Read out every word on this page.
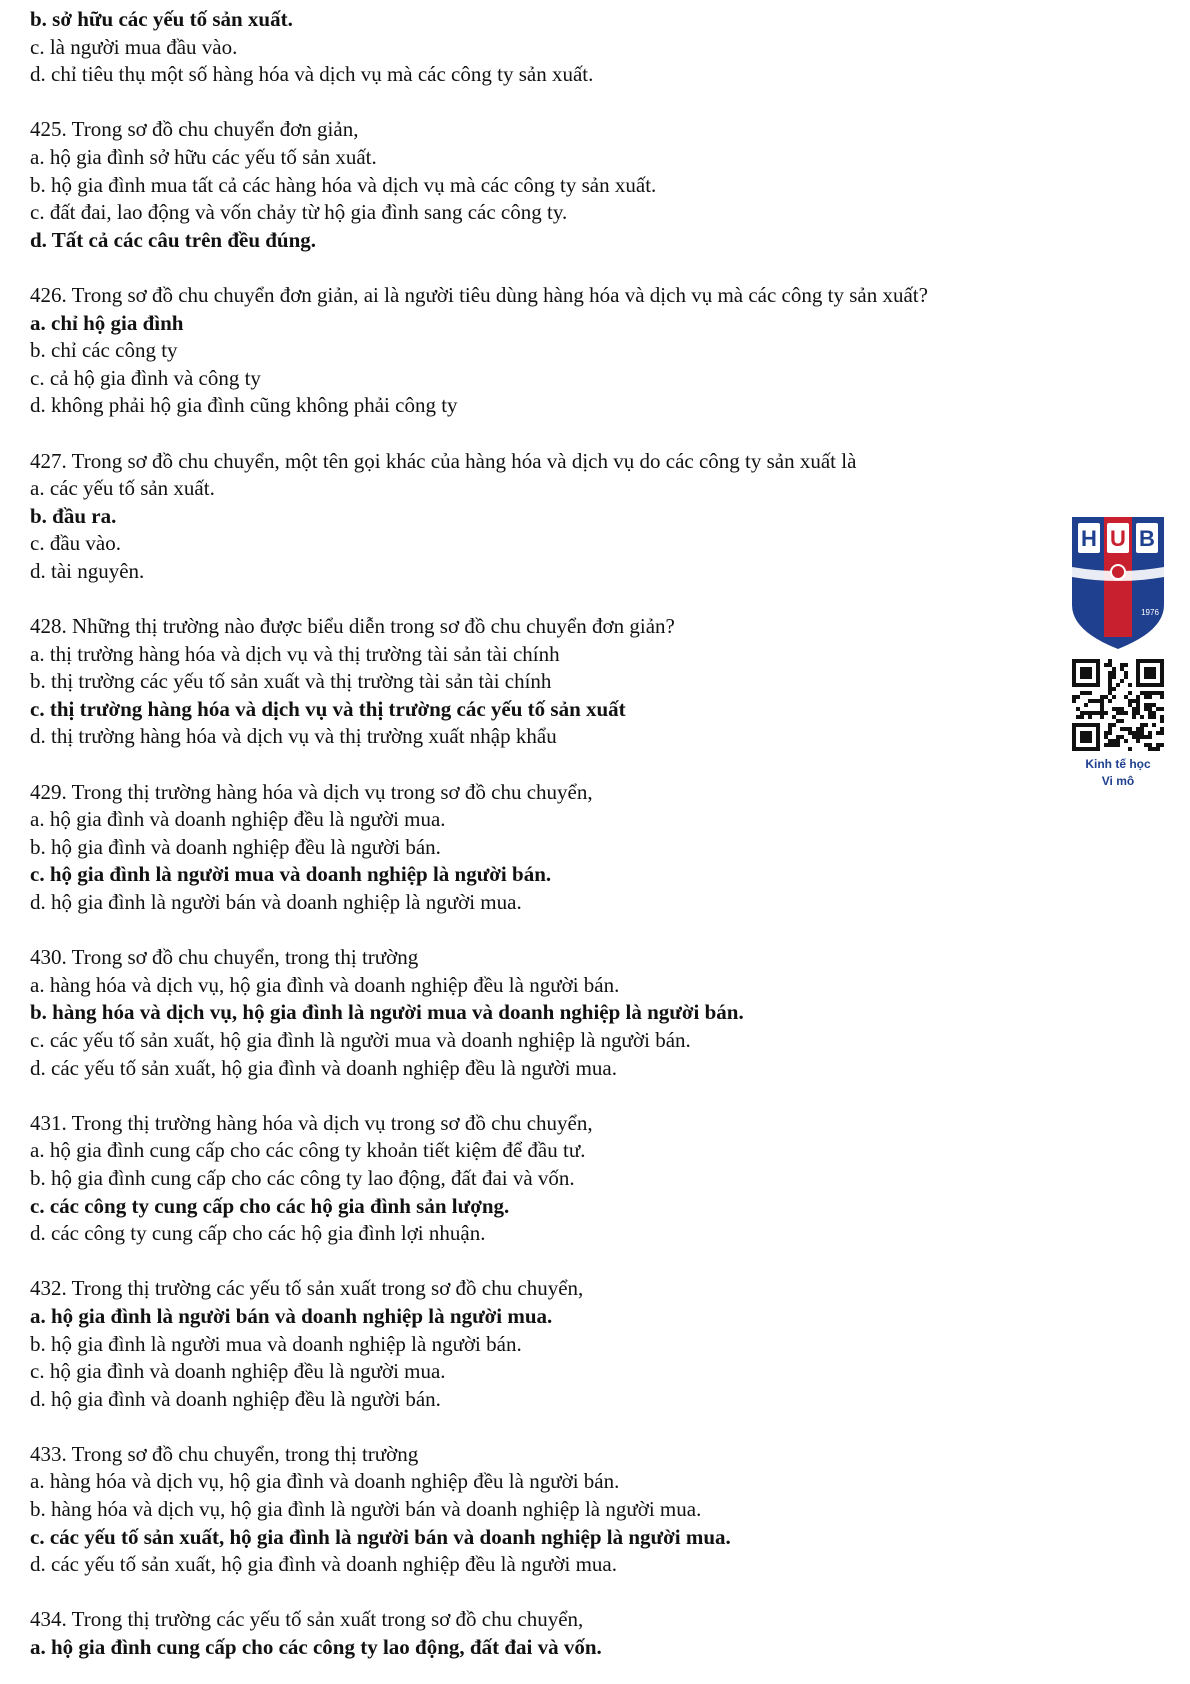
b. sở hữu các yếu tố sản xuất.
c. là người mua đầu vào.
d. chỉ tiêu thụ một số hàng hóa và dịch vụ mà các công ty sản xuất.
425. Trong sơ đồ chu chuyển đơn giản,
a. hộ gia đình sở hữu các yếu tố sản xuất.
b. hộ gia đình mua tất cả các hàng hóa và dịch vụ mà các công ty sản xuất.
c. đất đai, lao động và vốn chảy từ hộ gia đình sang các công ty.
d. Tất cả các câu trên đều đúng.
426. Trong sơ đồ chu chuyển đơn giản, ai là người tiêu dùng hàng hóa và dịch vụ mà các công ty sản xuất?
a. chỉ hộ gia đình
b. chỉ các công ty
c. cả hộ gia đình và công ty
d. không phải hộ gia đình cũng không phải công ty
427. Trong sơ đồ chu chuyển, một tên gọi khác của hàng hóa và dịch vụ do các công ty sản xuất là
a. các yếu tố sản xuất.
b. đầu ra.
c. đầu vào.
d. tài nguyên.
428. Những thị trường nào được biểu diễn trong sơ đồ chu chuyển đơn giản?
a. thị trường hàng hóa và dịch vụ và thị trường tài sản tài chính
b. thị trường các yếu tố sản xuất và thị trường tài sản tài chính
c. thị trường hàng hóa và dịch vụ và thị trường các yếu tố sản xuất
d. thị trường hàng hóa và dịch vụ và thị trường xuất nhập khẩu
429. Trong thị trường hàng hóa và dịch vụ trong sơ đồ chu chuyển,
a. hộ gia đình và doanh nghiệp đều là người mua.
b. hộ gia đình và doanh nghiệp đều là người bán.
c. hộ gia đình là người mua và doanh nghiệp là người bán.
d. hộ gia đình là người bán và doanh nghiệp là người mua.
430. Trong sơ đồ chu chuyển, trong thị trường
a. hàng hóa và dịch vụ, hộ gia đình và doanh nghiệp đều là người bán.
b. hàng hóa và dịch vụ, hộ gia đình là người mua và doanh nghiệp là người bán.
c. các yếu tố sản xuất, hộ gia đình là người mua và doanh nghiệp là người bán.
d. các yếu tố sản xuất, hộ gia đình và doanh nghiệp đều là người mua.
431. Trong thị trường hàng hóa và dịch vụ trong sơ đồ chu chuyển,
a. hộ gia đình cung cấp cho các công ty khoản tiết kiệm để đầu tư.
b. hộ gia đình cung cấp cho các công ty lao động, đất đai và vốn.
c. các công ty cung cấp cho các hộ gia đình sản lượng.
d. các công ty cung cấp cho các hộ gia đình lợi nhuận.
432. Trong thị trường các yếu tố sản xuất trong sơ đồ chu chuyển,
a. hộ gia đình là người bán và doanh nghiệp là người mua.
b. hộ gia đình là người mua và doanh nghiệp là người bán.
c. hộ gia đình và doanh nghiệp đều là người mua.
d. hộ gia đình và doanh nghiệp đều là người bán.
433. Trong sơ đồ chu chuyển, trong thị trường
a. hàng hóa và dịch vụ, hộ gia đình và doanh nghiệp đều là người bán.
b. hàng hóa và dịch vụ, hộ gia đình là người bán và doanh nghiệp là người mua.
c. các yếu tố sản xuất, hộ gia đình là người bán và doanh nghiệp là người mua.
d. các yếu tố sản xuất, hộ gia đình và doanh nghiệp đều là người mua.
434. Trong thị trường các yếu tố sản xuất trong sơ đồ chu chuyển,
a. hộ gia đình cung cấp cho các công ty lao động, đất đai và vốn.
H U B
1976
Kinh tế học
Vi mô
